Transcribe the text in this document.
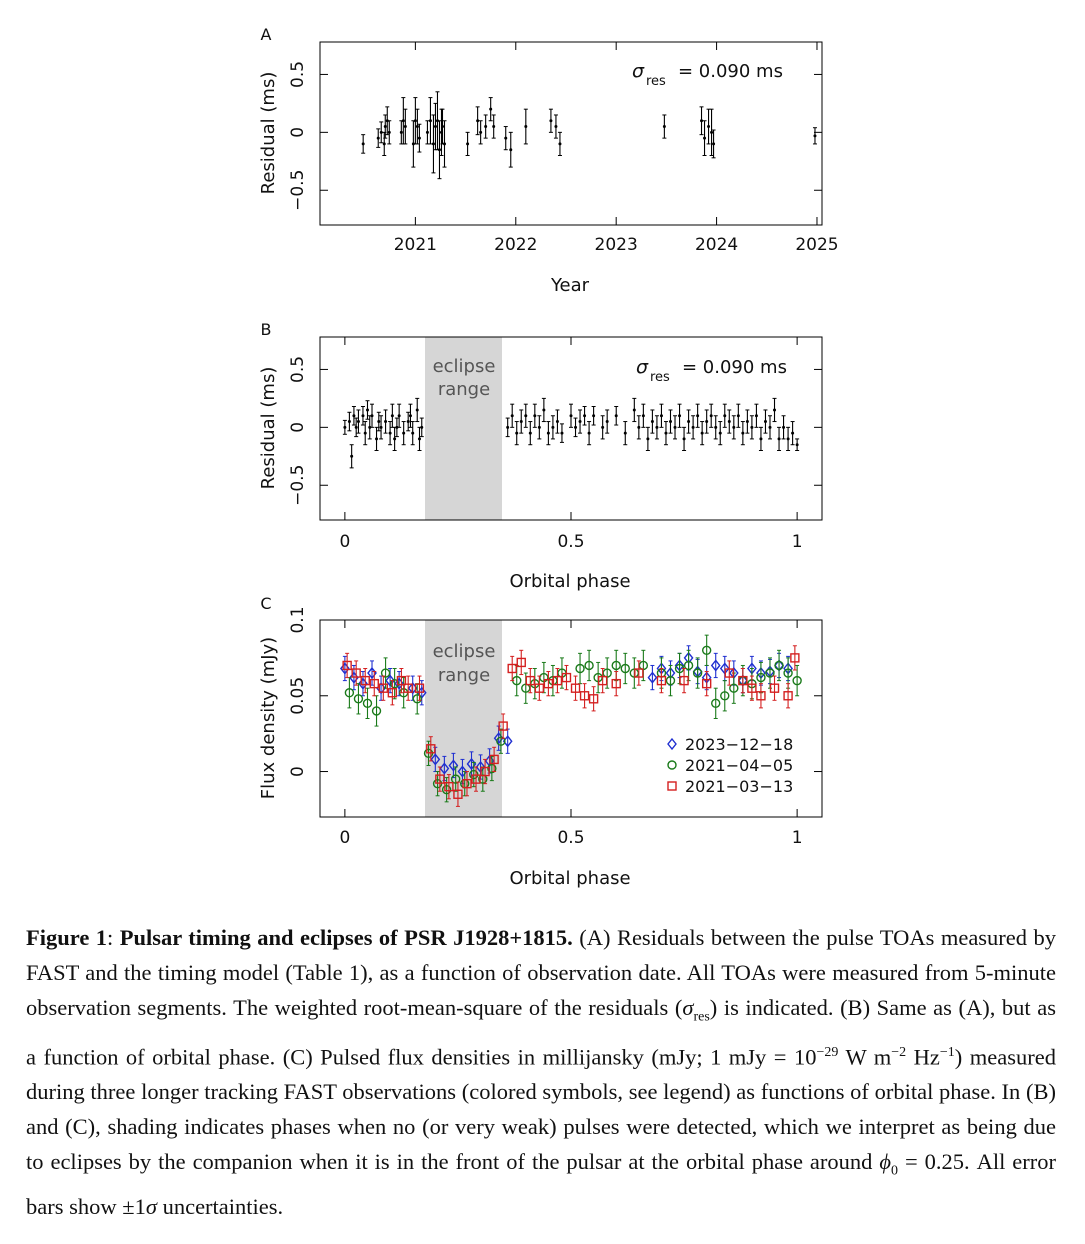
A
Year
Residual (ms)
σ res = 0.090 ms
2021	2022	2023	2024	2025
−0.5
0
0.5
B
eclipse
range
Orbital phase
Residual (ms)	σ res = 0.090 ms
0	0.5	1
−0.5
0
0.5
C
eclipse
range
Orbital phase
Flux density (mJy)
0	0.5	1
0
0.05
0.1
2023−12−18
2021−04−05
2021−03−13
Figure 1: Pulsar timing and eclipses of PSR J1928+1815. (A) Residuals between the pulse TOAs measured by FAST and the timing model (Table 1), as a function of observation date. All TOAs were measured from 5-minute observation segments. The weighted root-mean-square of the residuals $(\sigma_{res})$ is indicated. (B) Same as (A), but as a function of orbital phase. (C) Pulsed flux densities in millijansky (mJy; 1 mJy = $10^{-29}$ W $m^{-2}$ $Hz^{-1}$) measured during three longer tracking FAST observations (colored symbols, see legend) as functions of orbital phase. In (B) and (C), shading indicates phases when no (or very weak) pulses were detected, which we interpret as being due to eclipses by the companion when it is in the front of the pulsar at the orbital phase around $\phi_0 = 0.25$. All error bars show ±1σ uncertainties.
